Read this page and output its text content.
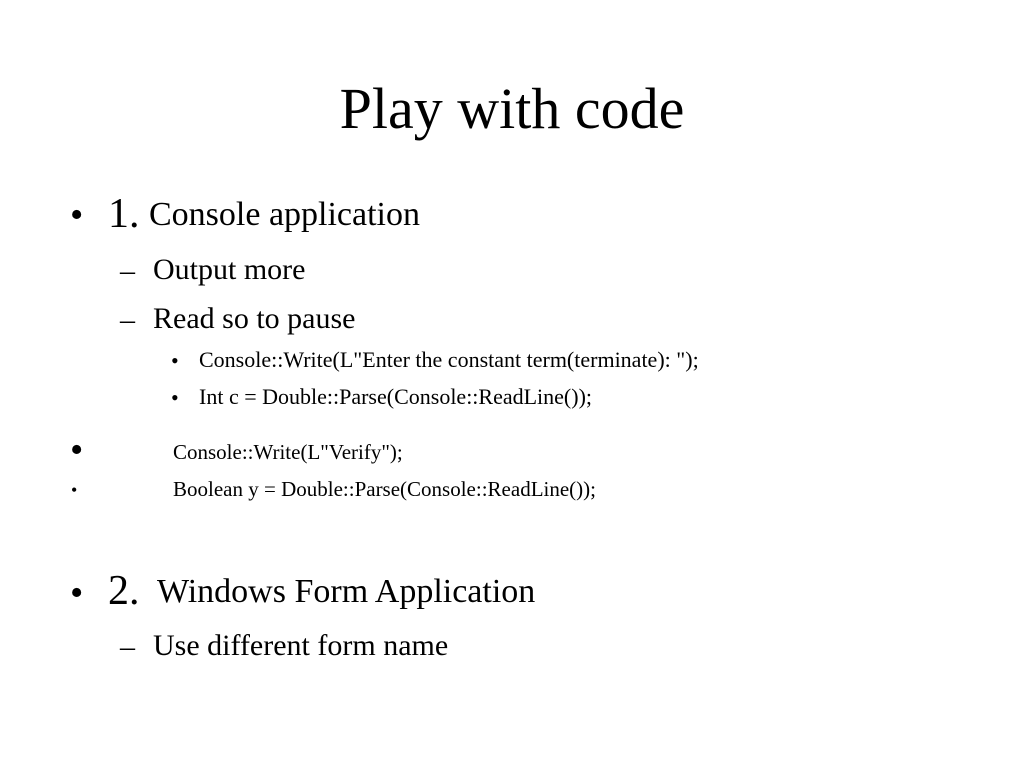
Play with code
• 1. Console application
– Output more
– Read so to pause
• Console::Write(L"Enter the constant term(terminate): ");
• Int c = Double::Parse(Console::ReadLine());
•	Console::Write(L"Verify");
•	Boolean y = Double::Parse(Console::ReadLine());
• 2. Windows Form Application
– Use different form name
